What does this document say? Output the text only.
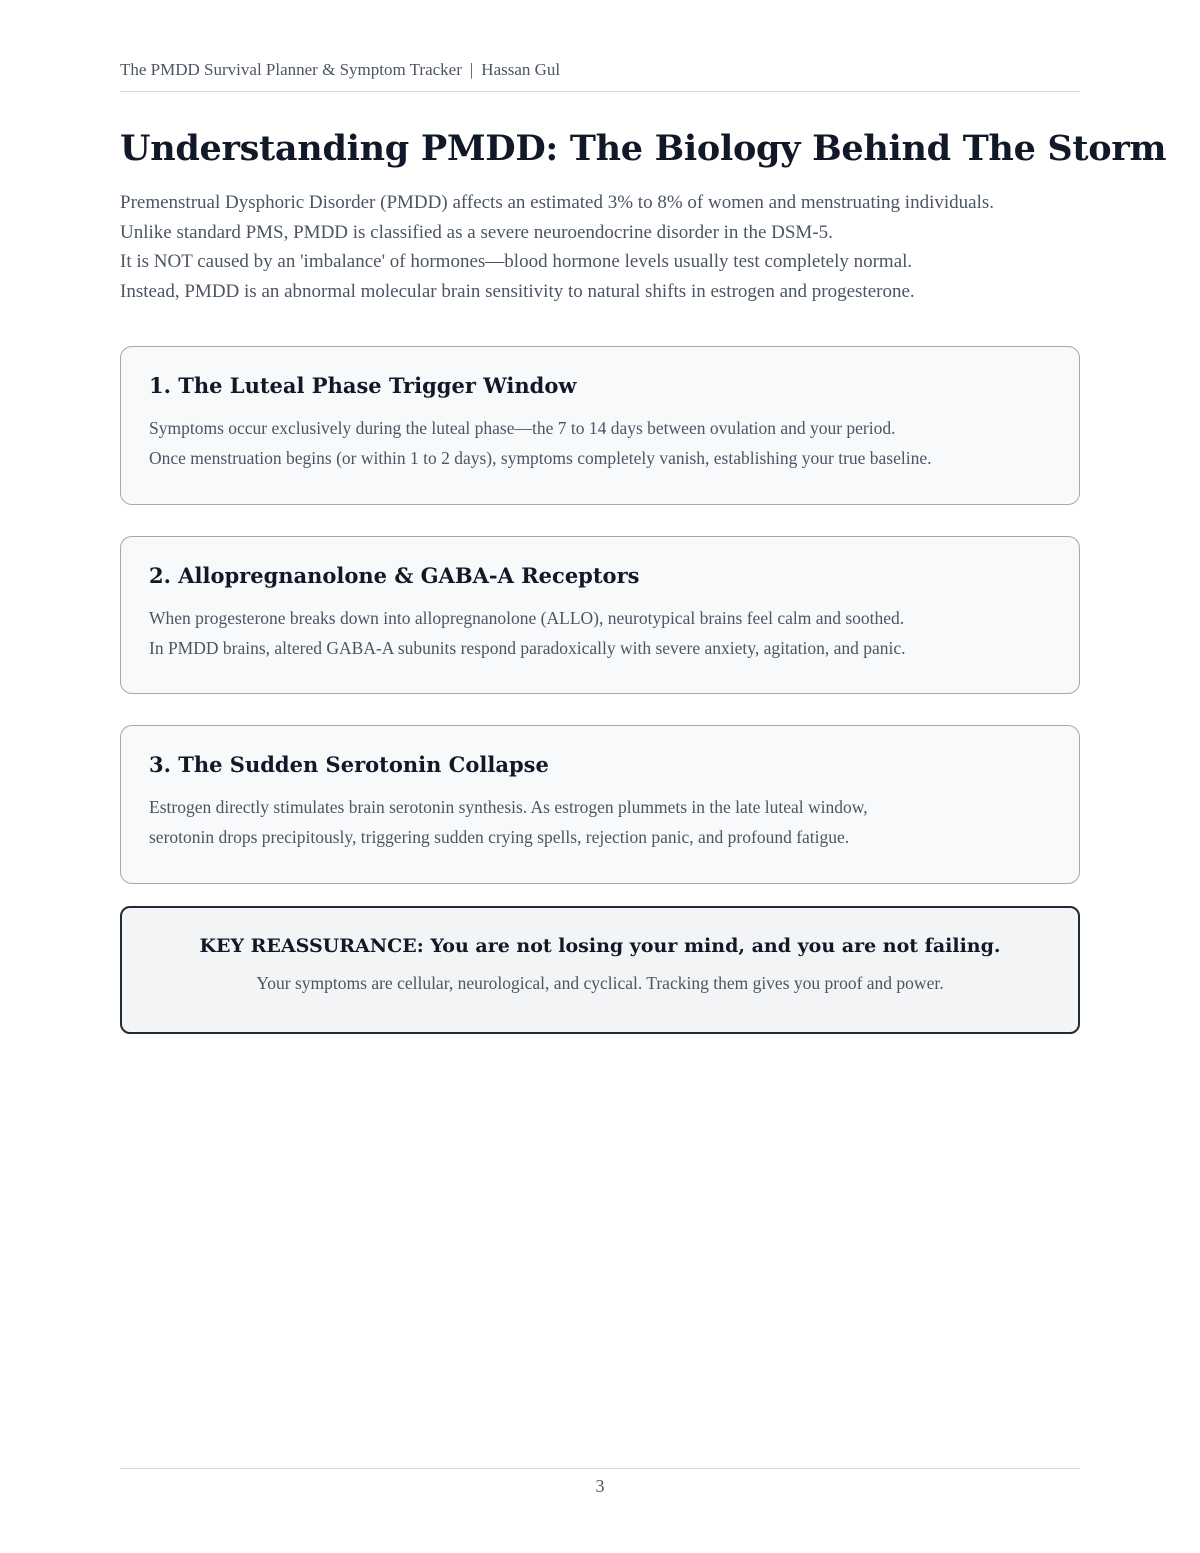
The PMDD Survival Planner & Symptom Tracker | Hassan Gul
Understanding PMDD: The Biology Behind The Storm
Premenstrual Dysphoric Disorder (PMDD) affects an estimated 3% to 8% of women and menstruating individuals.
Unlike standard PMS, PMDD is classified as a severe neuroendocrine disorder in the DSM-5.
It is NOT caused by an 'imbalance' of hormones—blood hormone levels usually test completely normal.
Instead, PMDD is an abnormal molecular brain sensitivity to natural shifts in estrogen and progesterone.
1. The Luteal Phase Trigger Window
Symptoms occur exclusively during the luteal phase—the 7 to 14 days between ovulation and your period.
Once menstruation begins (or within 1 to 2 days), symptoms completely vanish, establishing your true baseline.
2. Allopregnanolone & GABA-A Receptors
When progesterone breaks down into allopregnanolone (ALLO), neurotypical brains feel calm and soothed.
In PMDD brains, altered GABA-A subunits respond paradoxically with severe anxiety, agitation, and panic.
3. The Sudden Serotonin Collapse
Estrogen directly stimulates brain serotonin synthesis. As estrogen plummets in the late luteal window,
serotonin drops precipitously, triggering sudden crying spells, rejection panic, and profound fatigue.
KEY REASSURANCE: You are not losing your mind, and you are not failing.
Your symptoms are cellular, neurological, and cyclical. Tracking them gives you proof and power.
3
